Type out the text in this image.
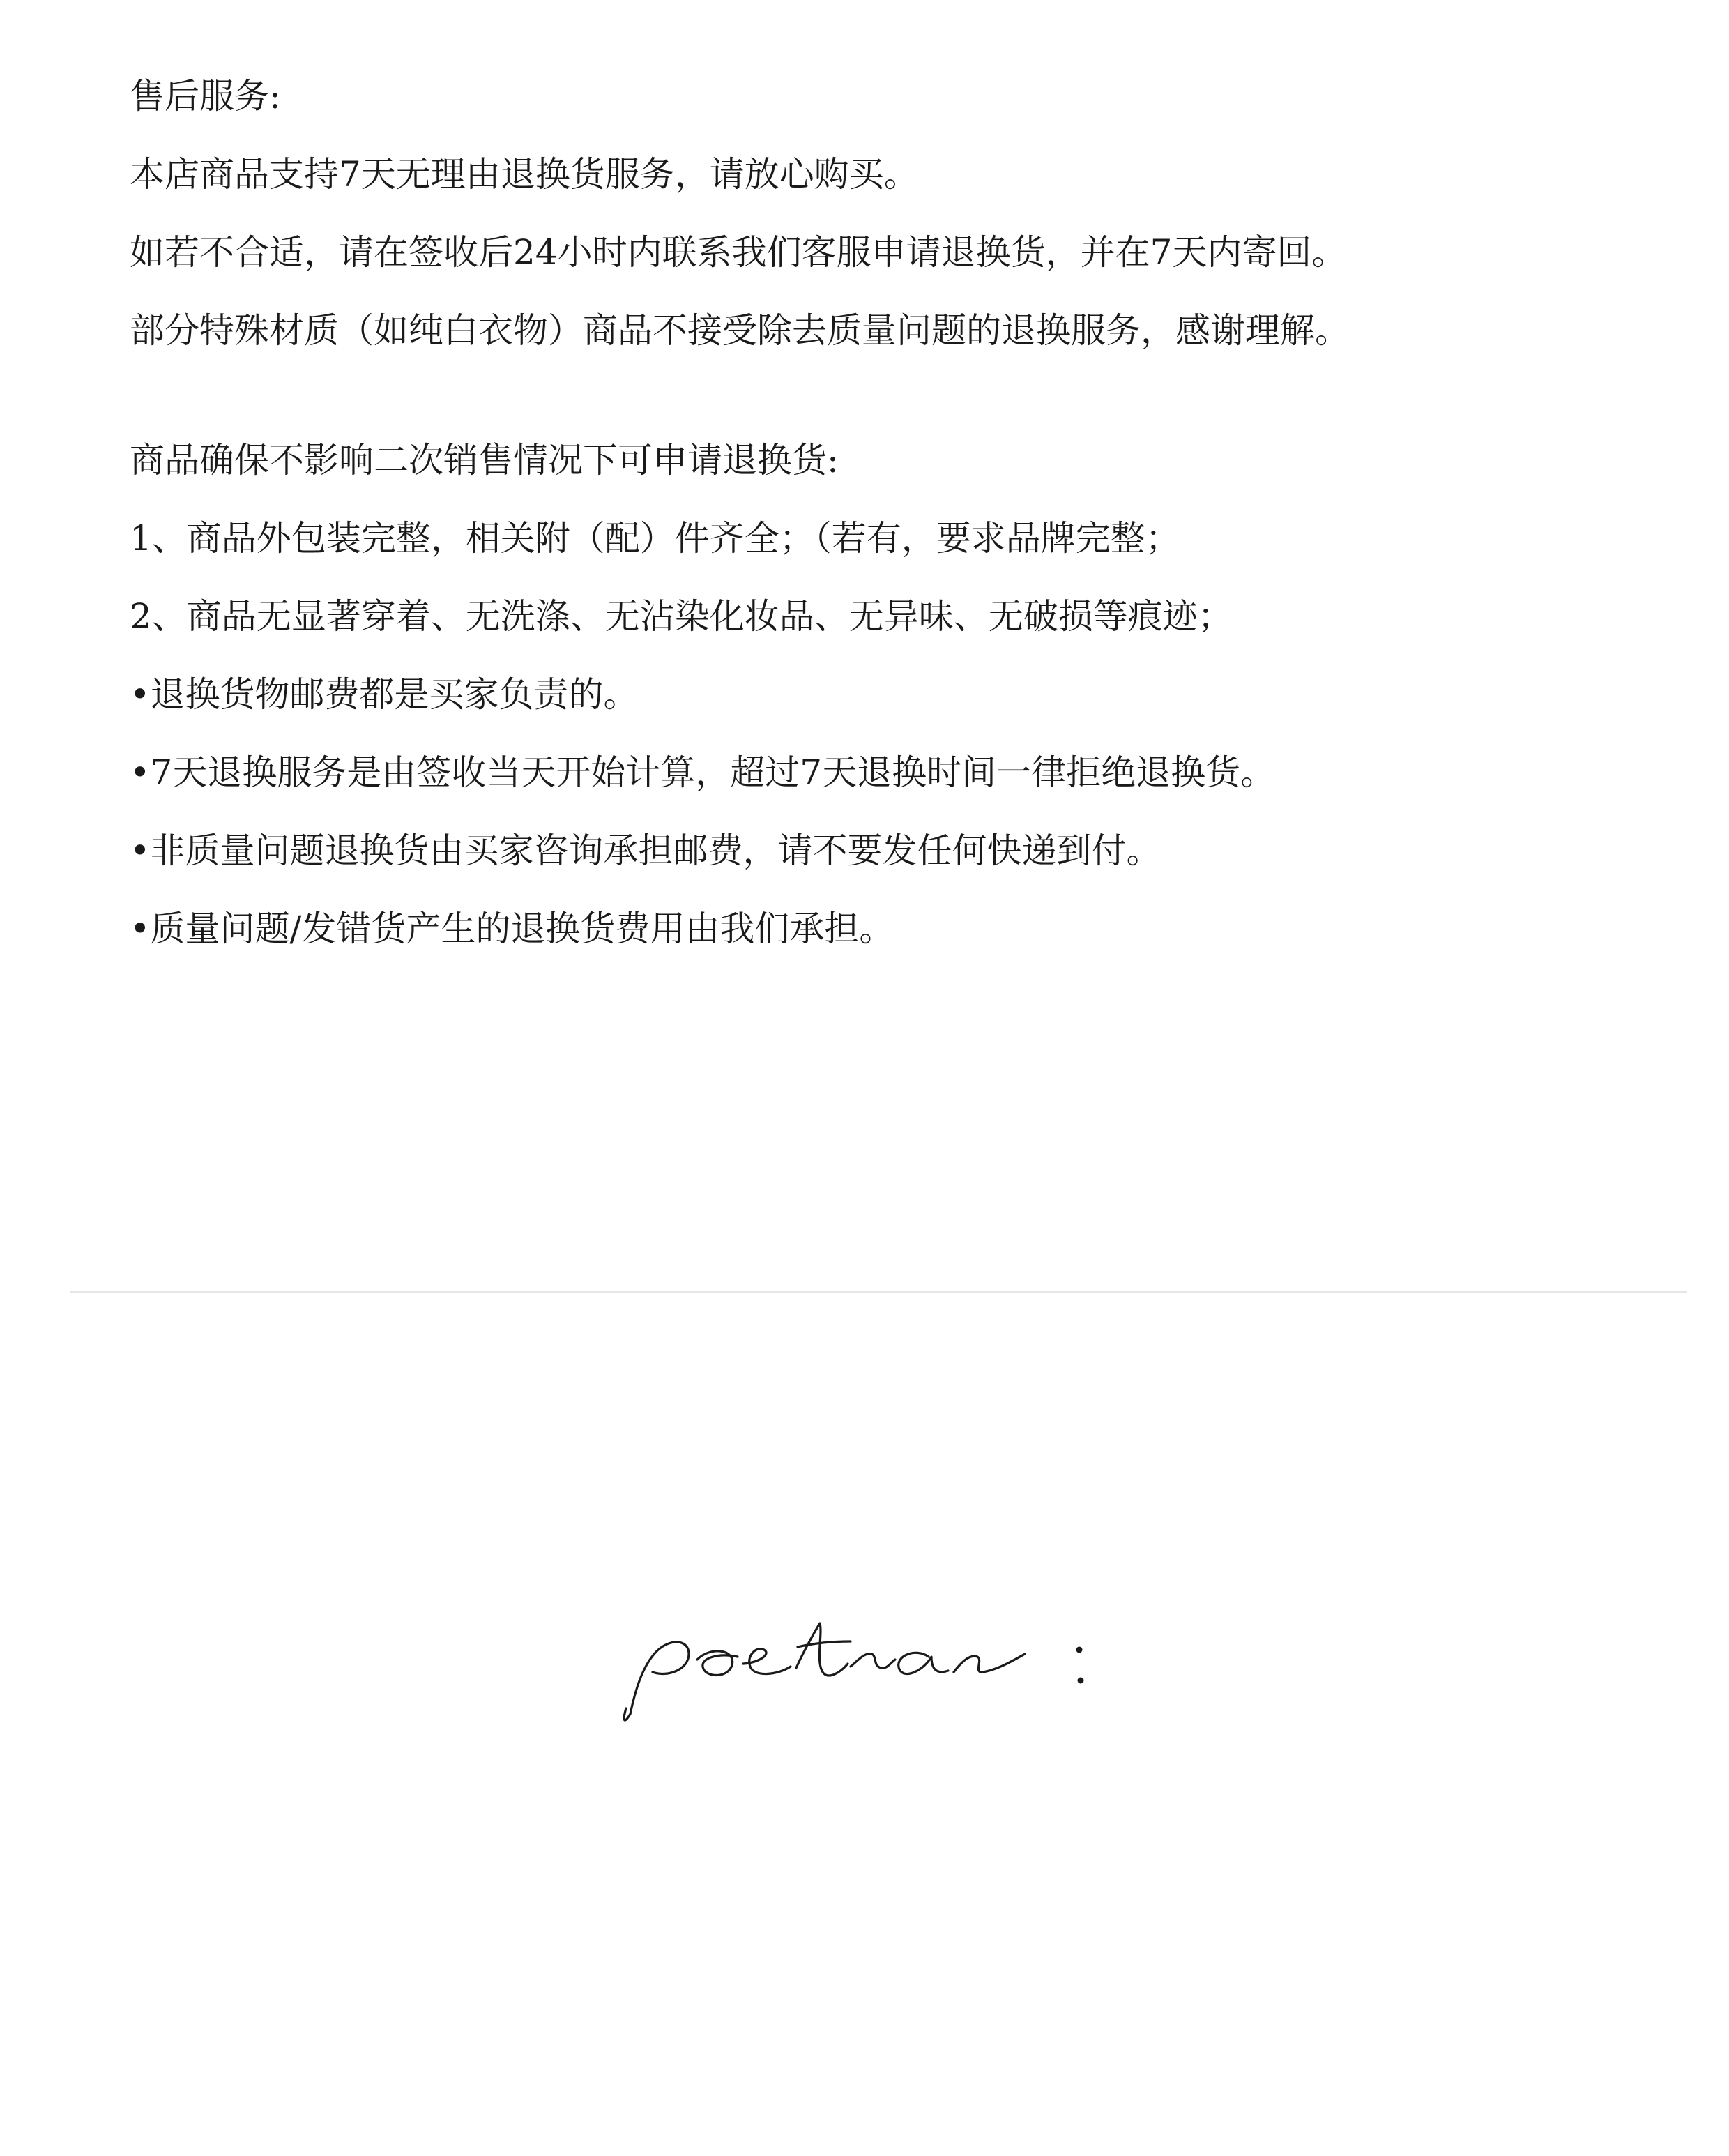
售后服务:
本店商品支持7天无理由退换货服务，请放心购买。
如若不合适，请在签收后24小时内联系我们客服申请退换货，并在7天内寄回。
部分特殊材质（如纯白衣物）商品不接受除去质量问题的退换服务，感谢理解。
商品确保不影响二次销售情况下可申请退换货:
1、商品外包装完整，相关附（配）件齐全；（若有，要求品牌完整；
2、商品无显著穿着、无洗涤、无沾染化妆品、无异味、无破损等痕迹；
•退换货物邮费都是买家负责的。
•7天退换服务是由签收当天开始计算，超过7天退换时间一律拒绝退换货。
•非质量问题退换货由买家咨询承担邮费，请不要发任何快递到付。
•质量问题/发错货产生的退换货费用由我们承担。
